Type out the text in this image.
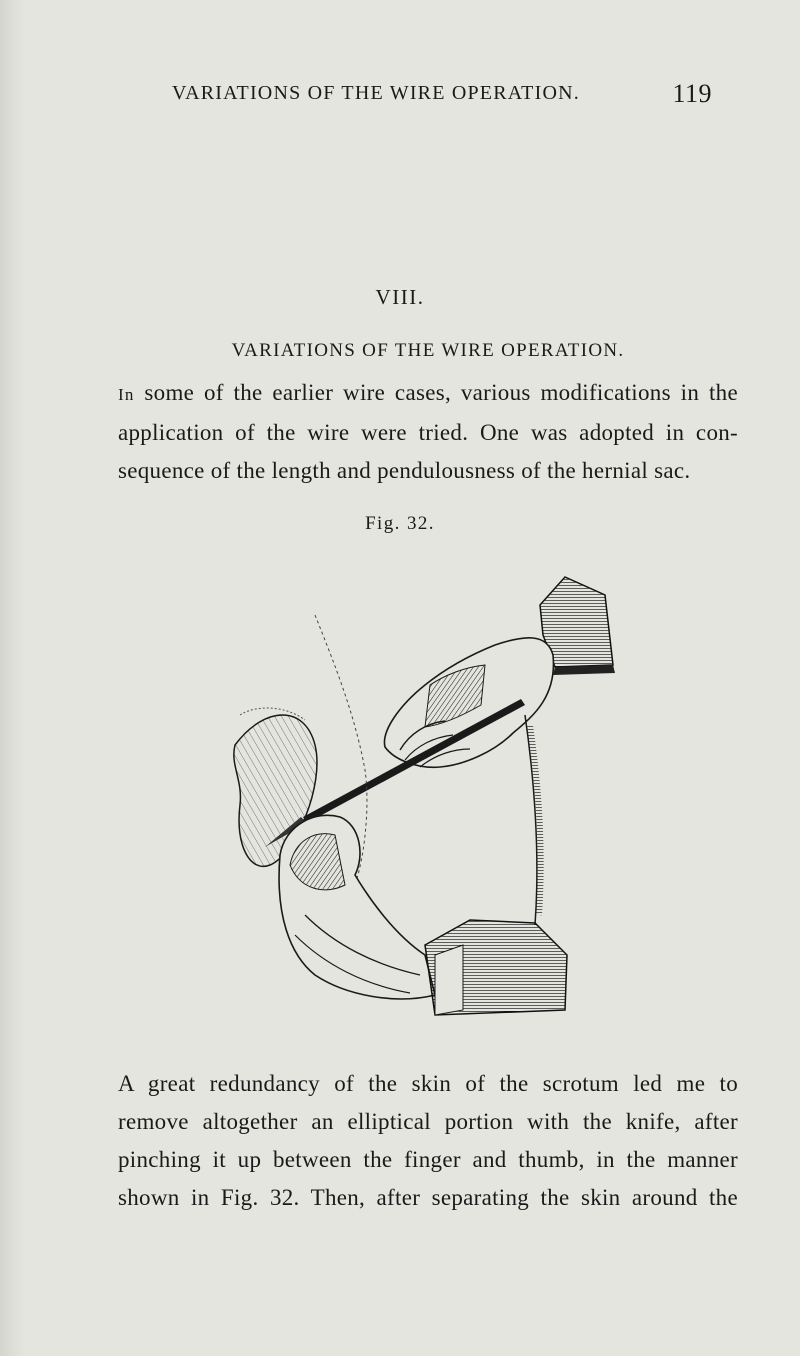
VARIATIONS OF THE WIRE OPERATION.	119
VIII.
VARIATIONS OF THE WIRE OPERATION.
In some of the earlier wire cases, various modifications in the
application of the wire were tried. One was adopted in con-
sequence of the length and pendulousness of the hernial sac.
Fig. 32.
A great redundancy of the skin of the scrotum led me to
remove altogether an elliptical portion with the knife, after
pinching it up between the finger and thumb, in the manner
shown in Fig. 32. Then, after separating the skin around the
